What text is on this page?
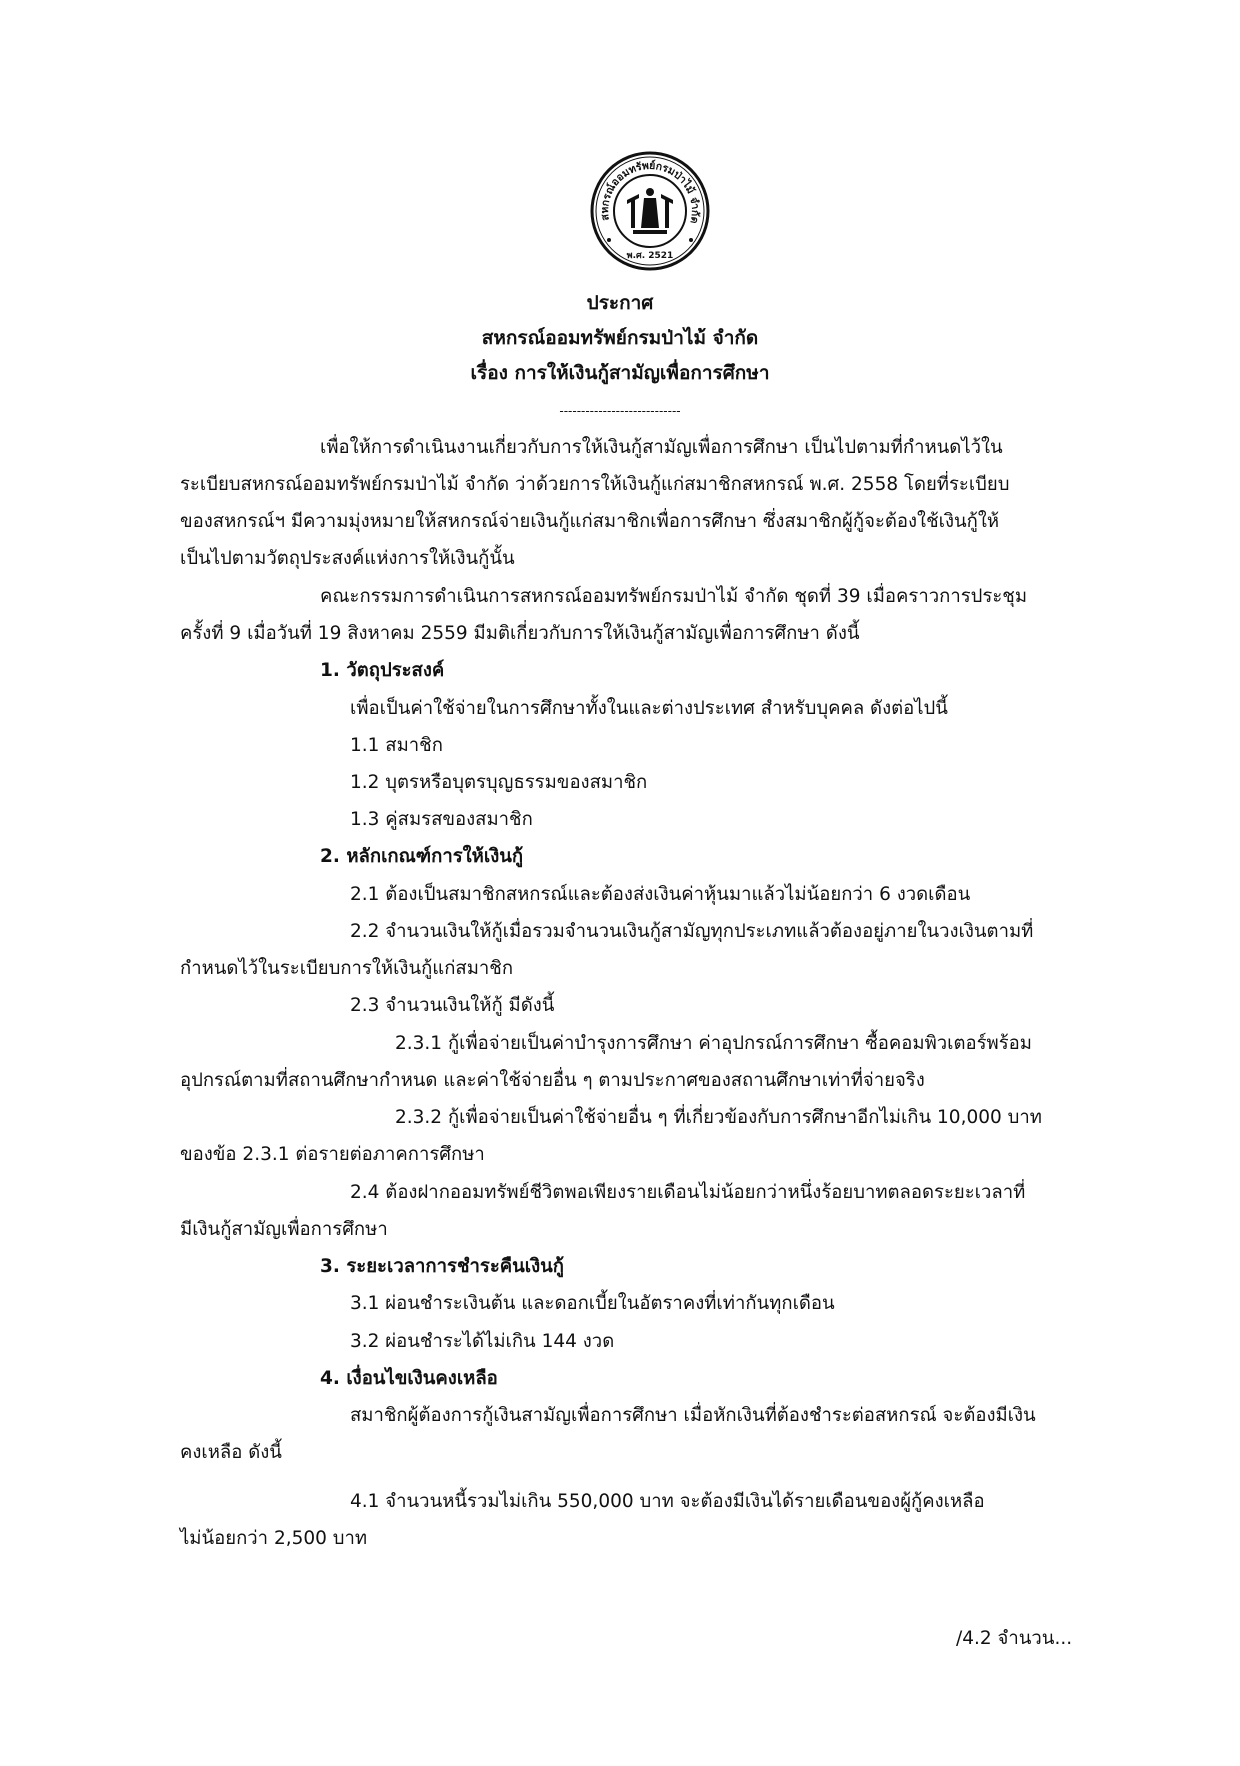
สหกรณ์ออมทรัพย์กรมป่าไม้ จำกัด
พ.ศ. 2521
ประกาศ
สหกรณ์ออมทรัพย์กรมป่าไม้ จำกัด
เรื่อง การให้เงินกู้สามัญเพื่อการศึกษา
----------------------------
เพื่อให้การดำเนินงานเกี่ยวกับการให้เงินกู้สามัญเพื่อการศึกษา เป็นไปตามที่กำหนดไว้ใน
ระเบียบสหกรณ์ออมทรัพย์กรมป่าไม้ จำกัด ว่าด้วยการให้เงินกู้แก่สมาชิกสหกรณ์ พ.ศ. 2558 โดยที่ระเบียบ
ของสหกรณ์ฯ มีความมุ่งหมายให้สหกรณ์จ่ายเงินกู้แก่สมาชิกเพื่อการศึกษา ซึ่งสมาชิกผู้กู้จะต้องใช้เงินกู้ให้
เป็นไปตามวัตถุประสงค์แห่งการให้เงินกู้นั้น
คณะกรรมการดำเนินการสหกรณ์ออมทรัพย์กรมป่าไม้ จำกัด ชุดที่ 39 เมื่อคราวการประชุม
ครั้งที่ 9 เมื่อวันที่ 19 สิงหาคม 2559 มีมติเกี่ยวกับการให้เงินกู้สามัญเพื่อการศึกษา ดังนี้
1. วัตถุประสงค์
เพื่อเป็นค่าใช้จ่ายในการศึกษาทั้งในและต่างประเทศ สำหรับบุคคล ดังต่อไปนี้
1.1 สมาชิก
1.2 บุตรหรือบุตรบุญธรรมของสมาชิก
1.3 คู่สมรสของสมาชิก
2. หลักเกณฑ์การให้เงินกู้
2.1 ต้องเป็นสมาชิกสหกรณ์และต้องส่งเงินค่าหุ้นมาแล้วไม่น้อยกว่า 6 งวดเดือน
2.2 จำนวนเงินให้กู้เมื่อรวมจำนวนเงินกู้สามัญทุกประเภทแล้วต้องอยู่ภายในวงเงินตามที่
กำหนดไว้ในระเบียบการให้เงินกู้แก่สมาชิก
2.3 จำนวนเงินให้กู้ มีดังนี้
2.3.1 กู้เพื่อจ่ายเป็นค่าบำรุงการศึกษา ค่าอุปกรณ์การศึกษา ซื้อคอมพิวเตอร์พร้อม
อุปกรณ์ตามที่สถานศึกษากำหนด และค่าใช้จ่ายอื่น ๆ ตามประกาศของสถานศึกษาเท่าที่จ่ายจริง
2.3.2 กู้เพื่อจ่ายเป็นค่าใช้จ่ายอื่น ๆ ที่เกี่ยวข้องกับการศึกษาอีกไม่เกิน 10,000 บาท
ของข้อ 2.3.1 ต่อรายต่อภาคการศึกษา
2.4 ต้องฝากออมทรัพย์ชีวิตพอเพียงรายเดือนไม่น้อยกว่าหนึ่งร้อยบาทตลอดระยะเวลาที่
มีเงินกู้สามัญเพื่อการศึกษา
3. ระยะเวลาการชำระคืนเงินกู้
3.1 ผ่อนชำระเงินต้น และดอกเบี้ยในอัตราคงที่เท่ากันทุกเดือน
3.2 ผ่อนชำระได้ไม่เกิน 144 งวด
4. เงื่อนไขเงินคงเหลือ
สมาชิกผู้ต้องการกู้เงินสามัญเพื่อการศึกษา เมื่อหักเงินที่ต้องชำระต่อสหกรณ์ จะต้องมีเงิน
คงเหลือ ดังนี้
4.1 จำนวนหนี้รวมไม่เกิน 550,000 บาท จะต้องมีเงินได้รายเดือนของผู้กู้คงเหลือ
ไม่น้อยกว่า 2,500 บาท
/4.2 จำนวน...
